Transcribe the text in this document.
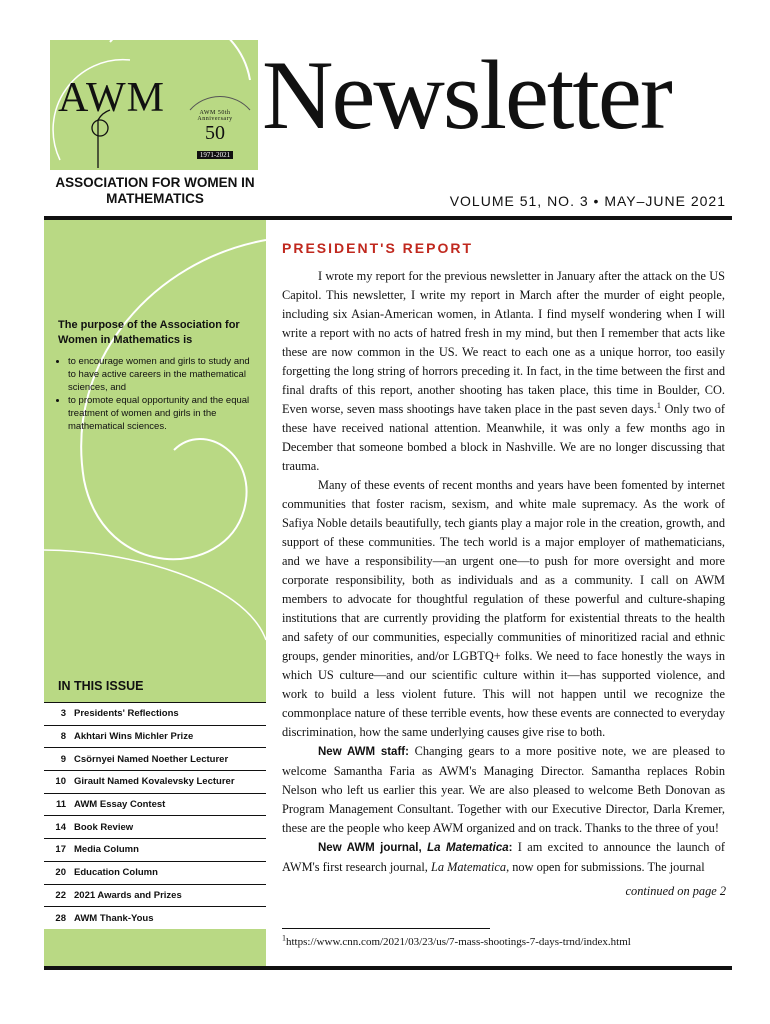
AWM	AWM 50th Anniversary
50
1971-2021
ASSOCIATION FOR WOMEN IN MATHEMATICS
Newsletter
VOLUME 51, NO. 3 • MAY–JUNE 2021
The purpose of the Association for Women in Mathematics is
• to encourage women and girls to study and to have active careers in the mathematical sciences, and
• to promote equal opportunity and the equal treatment of women and girls in the mathematical sciences.
IN THIS ISSUE
3 Presidents' Reflections
8 Akhtari Wins Michler Prize
9 Csörnyei Named Noether Lecturer
10 Girault Named Kovalevsky Lecturer
11 AWM Essay Contest
14 Book Review
17 Media Column
20 Education Column
22 2021 Awards and Prizes
28 AWM Thank-Yous
PRESIDENT'S REPORT

I wrote my report for the previous newsletter in January after the attack on the US Capitol. This newsletter, I write my report in March after the murder of eight people, including six Asian-American women, in Atlanta. I find myself wondering when I will write a report with no acts of hatred fresh in my mind, but then I remember that acts like these are now common in the US. We react to each one as a unique horror, too easily forgetting the long string of horrors preceding it. In fact, in the time between the first and final drafts of this report, another shooting has taken place, this time in Boulder, CO. Even worse, seven mass shootings have taken place in the past seven days.$^1$ Only two of these have received national attention. Meanwhile, it was only a few months ago in December that someone bombed a block in Nashville. We are no longer discussing that trauma.

Many of these events of recent months and years have been fomented by internet communities that foster racism, sexism, and white male supremacy. As the work of Safiya Noble details beautifully, tech giants play a major role in the creation, growth, and support of these communities. The tech world is a major employer of mathematicians, and we have a responsibility—an urgent one—to push for more oversight and more corporate responsibility, both as individuals and as a community. I call on AWM members to advocate for thoughtful regulation of these powerful and culture-shaping institutions that are currently providing the platform for existential threats to the health and safety of our communities, especially communities of minoritized racial and ethnic groups, gender minorities, and/or LGBTQ+ folks. We need to face honestly the ways in which US culture—and our scientific culture within it—has supported violence, and work to build a less violent future. This will not happen until we recognize the commonplace nature of these terrible events, how these events are connected to everyday discrimination, how the same underlying causes give rise to both.

New AWM staff: Changing gears to a more positive note, we are pleased to welcome Samantha Faria as AWM's Managing Director. Samantha replaces Robin Nelson who left us earlier this year. We are also pleased to welcome Beth Donovan as Program Management Consultant. Together with our Executive Director, Darla Kremer, these are the people who keep AWM organized and on track. Thanks to the three of you!

New AWM journal, La Matematica: I am excited to announce the launch of AWM's first research journal, La Matematica, now open for submissions. The journal

continued on page 2
$^1$https://www.cnn.com/2021/03/23/us/7-mass-shootings-7-days-trnd/index.html
